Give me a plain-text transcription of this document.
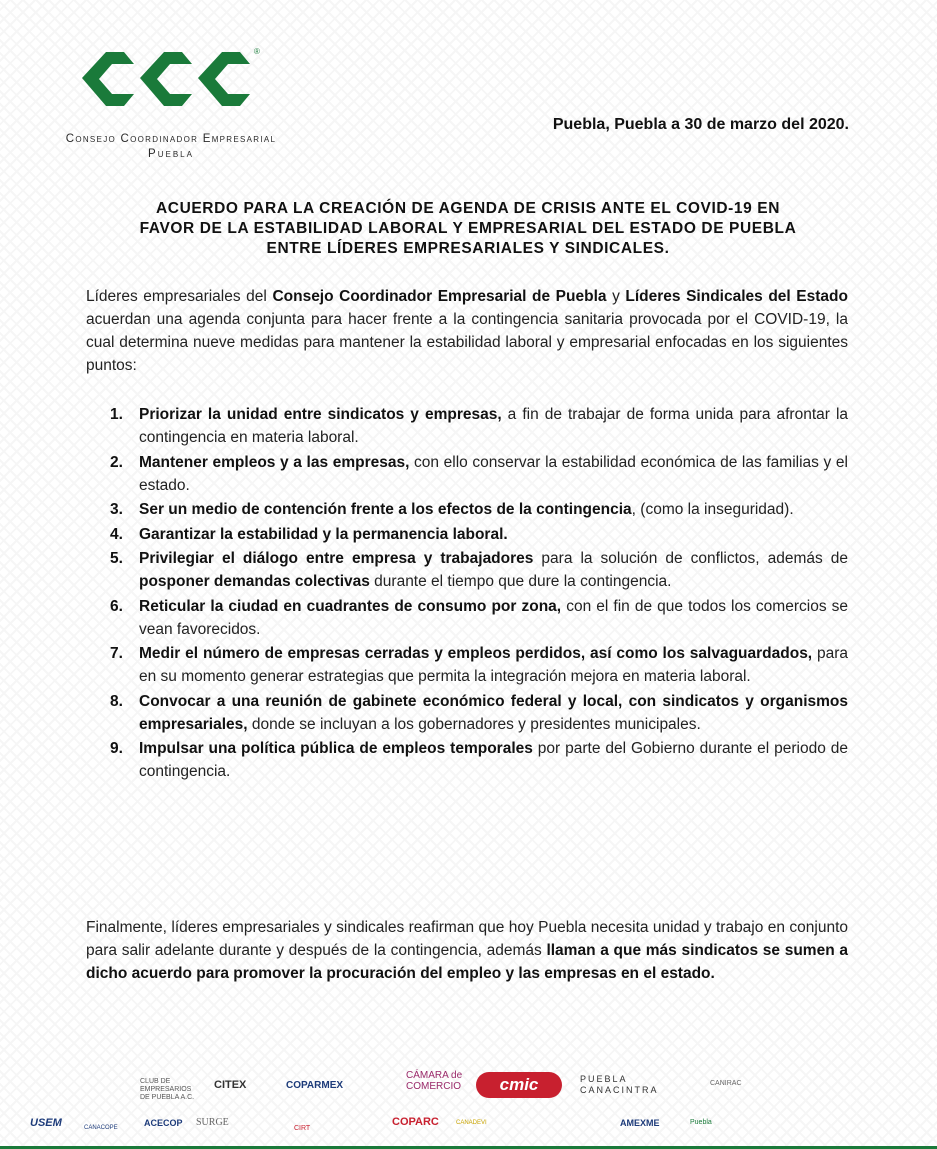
®
Consejo Coordinador Empresarial
Puebla
Puebla, Puebla a 30 de marzo del 2020.
ACUERDO PARA LA CREACIÓN DE AGENDA DE CRISIS ANTE EL COVID-19 EN
FAVOR DE LA ESTABILIDAD LABORAL Y EMPRESARIAL DEL ESTADO DE PUEBLA
ENTRE LÍDERES EMPRESARIALES Y SINDICALES.

Líderes empresariales del Consejo Coordinador Empresarial de Puebla y Líderes Sindicales del Estado acuerdan una agenda conjunta para hacer frente a la contingencia sanitaria provocada por el COVID-19, la cual determina nueve medidas para mantener la estabilidad laboral y empresarial enfocadas en los siguientes puntos:

1. Priorizar la unidad entre sindicatos y empresas, a fin de trabajar de forma unida para afrontar la contingencia en materia laboral.
2. Mantener empleos y a las empresas, con ello conservar la estabilidad económica de las familias y el estado.
3. Ser un medio de contención frente a los efectos de la contingencia, (como la inseguridad).
4. Garantizar la estabilidad y la permanencia laboral.
5. Privilegiar el diálogo entre empresa y trabajadores para la solución de conflictos, además de posponer demandas colectivas durante el tiempo que dure la contingencia.
6. Reticular la ciudad en cuadrantes de consumo por zona, con el fin de que todos los comercios se vean favorecidos.
7. Medir el número de empresas cerradas y empleos perdidos, así como los salvaguardados, para en su momento generar estrategias que permita la integración mejora en materia laboral.
8. Convocar a una reunión de gabinete económico federal y local, con sindicatos y organismos empresariales, donde se incluyan a los gobernadores y presidentes municipales.
9. Impulsar una política pública de empleos temporales por parte del Gobierno durante el periodo de contingencia.

Finalmente, líderes empresariales y sindicales reafirman que hoy Puebla necesita unidad y trabajo en conjunto para salir adelante durante y después de la contingencia, además llaman a que más sindicatos se sumen a dicho acuerdo para promover la procuración del empleo y las empresas en el estado.

CLUB DE EMPRESARIOS DE PUEBLA A.C.
CITEX	COPARMEX
CÁMARA de COMERCIO	cmic	PUEBLA CANACINTRA
CANIRAC
USEM	CANACOPE	ACECOP SURGE
CIRT
COPARC	CANADEVI	AMEXME	Puebla
